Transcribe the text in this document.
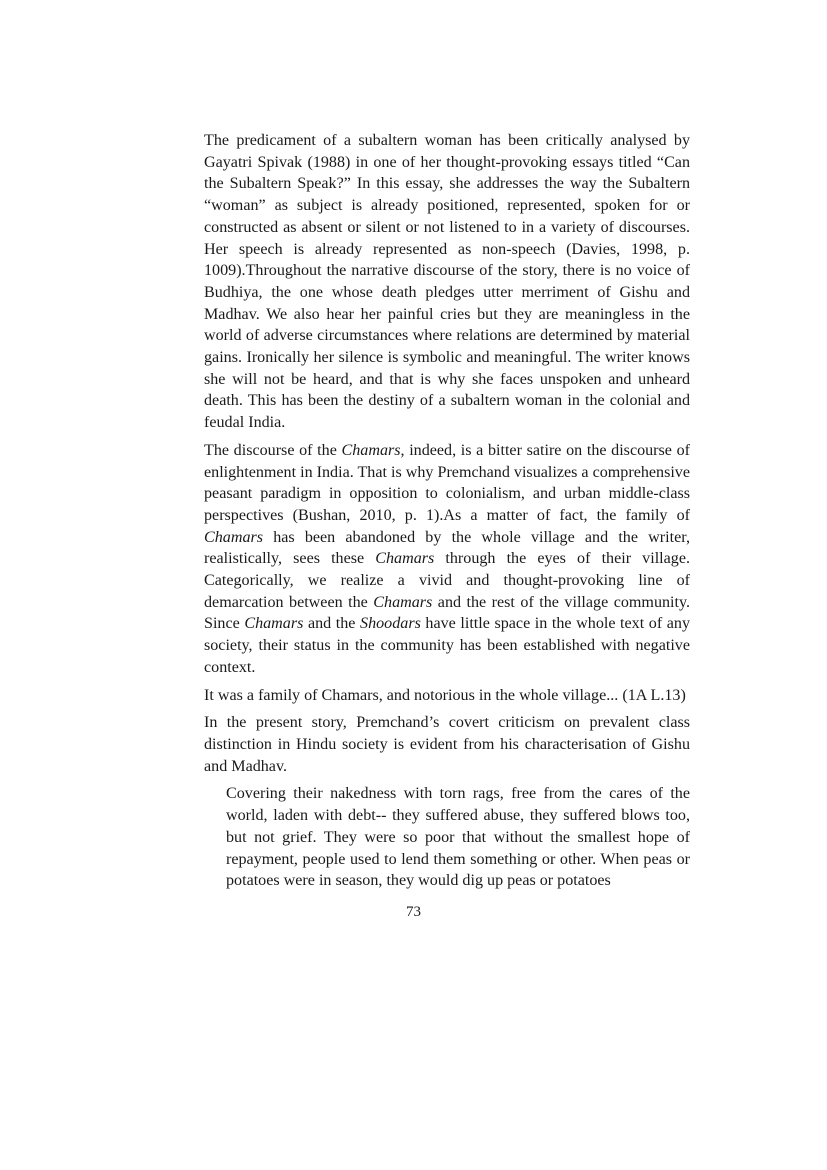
The predicament of a subaltern woman has been critically analysed by Gayatri Spivak (1988) in one of her thought-provoking essays titled “Can the Subaltern Speak?” In this essay, she addresses the way the Subaltern “woman” as subject is already positioned, represented, spoken for or constructed as absent or silent or not listened to in a variety of discourses. Her speech is already represented as non-speech (Davies, 1998, p. 1009).Throughout the narrative discourse of the story, there is no voice of Budhiya, the one whose death pledges utter merriment of Gishu and Madhav. We also hear her painful cries but they are meaningless in the world of adverse circumstances where relations are determined by material gains. Ironically her silence is symbolic and meaningful. The writer knows she will not be heard, and that is why she faces unspoken and unheard death. This has been the destiny of a subaltern woman in the colonial and feudal India.

The discourse of the Chamars, indeed, is a bitter satire on the discourse of enlightenment in India. That is why Premchand visualizes a comprehensive peasant paradigm in opposition to colonialism, and urban middle-class perspectives (Bushan, 2010, p. 1).As a matter of fact, the family of Chamars has been abandoned by the whole village and the writer, realistically, sees these Chamars through the eyes of their village. Categorically, we realize a vivid and thought-provoking line of demarcation between the Chamars and the rest of the village community. Since Chamars and the Shoodars have little space in the whole text of any society, their status in the community has been established with negative context.

It was a family of Chamars, and notorious in the whole village... (1A L.13)

In the present story, Premchand’s covert criticism on prevalent class distinction in Hindu society is evident from his characterisation of Gishu and Madhav.

Covering their nakedness with torn rags, free from the cares of the world, laden with debt-- they suffered abuse, they suffered blows too, but not grief. They were so poor that without the smallest hope of repayment, people used to lend them something or other. When peas or potatoes were in season, they would dig up peas or potatoes

73
